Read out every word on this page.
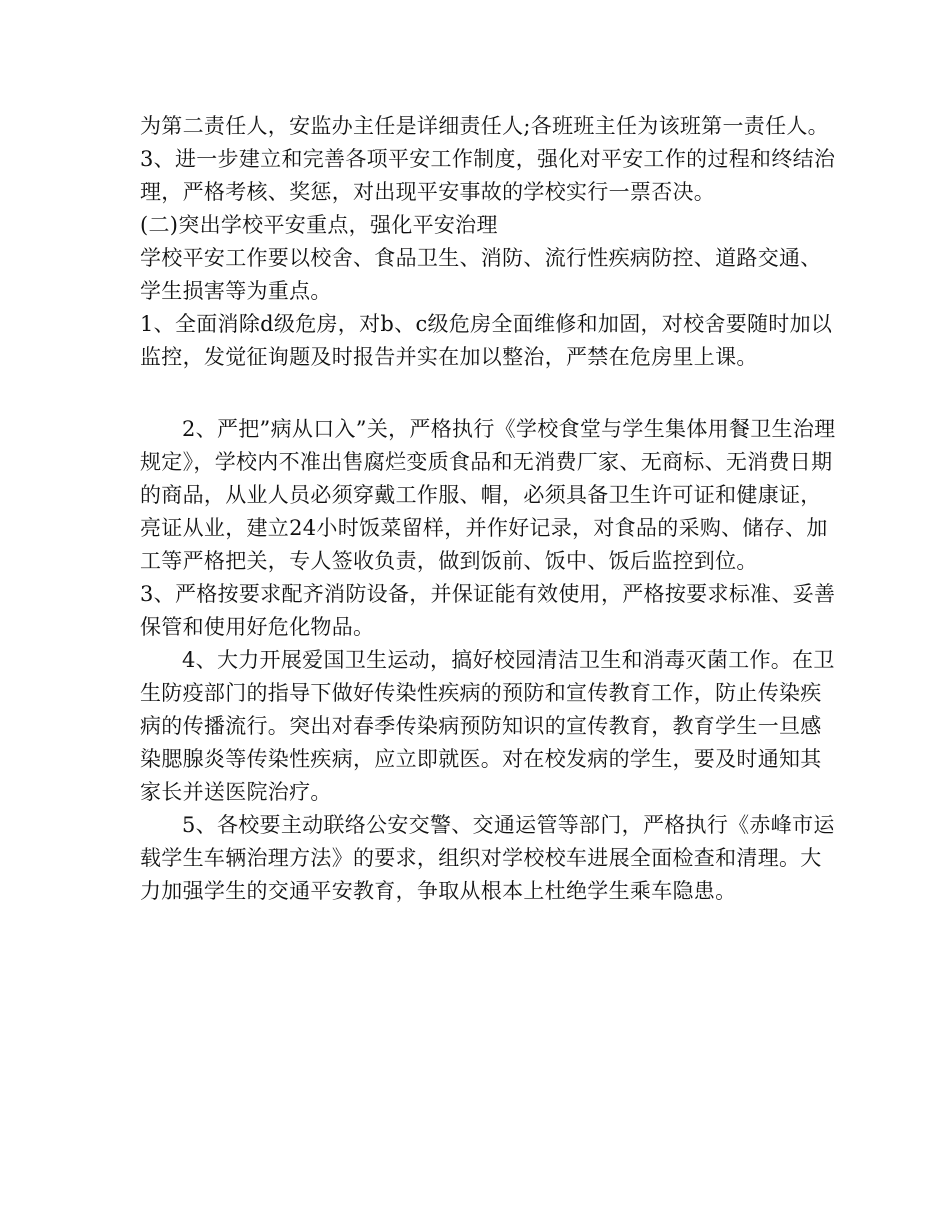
为第二责任人，安监办主任是详细责任人;各班班主任为该班第一责任人。

3、进一步建立和完善各项平安工作制度，强化对平安工作的过程和终结治理，严格考核、奖惩，对出现平安事故的学校实行一票否决。

(二)突出学校平安重点，强化平安治理

学校平安工作要以校舍、食品卫生、消防、流行性疾病防控、道路交通、学生损害等为重点。

1、全面消除d级危房，对b、c级危房全面维修和加固，对校舍要随时加以监控，发觉征询题及时报告并实在加以整治，严禁在危房里上课。

2、严把”病从口入”关，严格执行《学校食堂与学生集体用餐卫生治理规定》，学校内不准出售腐烂变质食品和无消费厂家、无商标、无消费日期的商品，从业人员必须穿戴工作服、帽，必须具备卫生许可证和健康证，亮证从业，建立24小时饭菜留样，并作好记录，对食品的采购、储存、加工等严格把关，专人签收负责，做到饭前、饭中、饭后监控到位。

3、严格按要求配齐消防设备，并保证能有效使用，严格按要求标准、妥善保管和使用好危化物品。

4、大力开展爱国卫生运动，搞好校园清洁卫生和消毒灭菌工作。在卫生防疫部门的指导下做好传染性疾病的预防和宣传教育工作，防止传染疾病的传播流行。突出对春季传染病预防知识的宣传教育，教育学生一旦感染腮腺炎等传染性疾病，应立即就医。对在校发病的学生，要及时通知其家长并送医院治疗。

5、各校要主动联络公安交警、交通运管等部门，严格执行《赤峰市运载学生车辆治理方法》的要求，组织对学校校车进展全面检查和清理。大力加强学生的交通平安教育，争取从根本上杜绝学生乘车隐患。
